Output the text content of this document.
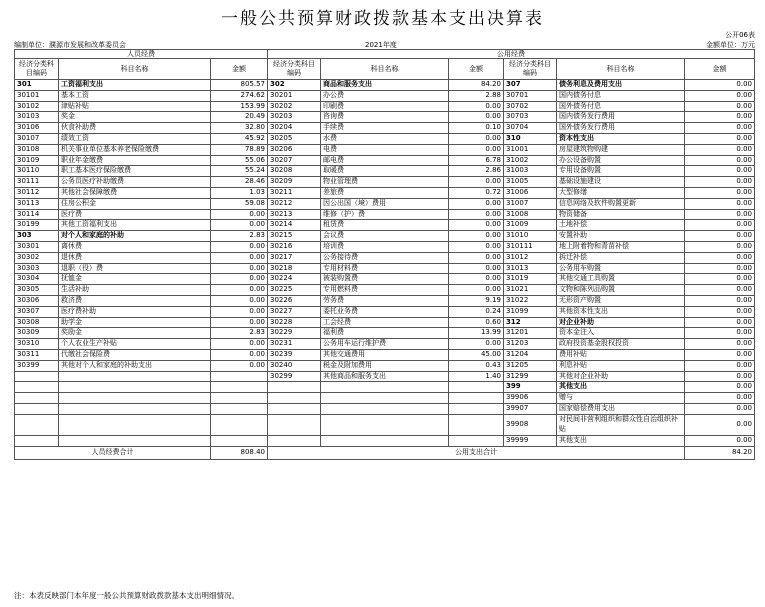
一般公共预算财政拨款基本支出决算表
公开06表
金额单位：万元
编制单位：濮源市发展和改革委员会	2021年度
人员经费			公用经费					
经济分类科目编码	科目名称	金额	经济分类科目编码	科目名称	金额	经济分类科目编码	科目名称	金额
301	工资福利支出	805.57	302	商品和服务支出	84.20	307	债务利息及费用支出	0.00
30101	基本工资	274.62	30201	办公费	2.88	30701	国内债务付息	0.00
30102	津贴补贴	153.99	30202	印刷费	0.00	30702	国外债务付息	0.00
30103	奖金	20.49	30203	咨询费	0.00	30703	国内债务发行费用	0.00
30106	伙食补助费	32.80	30204	手续费	0.10	30704	国外债务发行费用	0.00
30107	绩效工资	45.92	30205	水费	0.00	310	资本性支出	0.00
30108	机关事业单位基本养老保险缴费	78.89	30206	电费	0.00	31001	房屋建筑物购建	0.00
30109	职业年金缴费	55.06	30207	邮电费	6.78	31002	办公设备购置	0.00
30110	职工基本医疗保险缴费	55.24	30208	取暖费	2.86	31003	专用设备购置	0.00
30111	公务员医疗补助缴费	28.46	30209	物业管理费	0.00	31005	基础设施建设	0.00
30112	其他社会保障缴费	1.03	30211	差旅费	0.72	31006	大型修缮	0.00
30113	住房公积金	59.08	30212	因公出国（境）费用	0.00	31007	信息网络及软件购置更新	0.00
30114	医疗费	0.00	30213	维修（护）费	0.00	31008	物资储备	0.00
30199	其他工资福利支出	0.00	30214	租赁费	0.00	31009	土地补偿	0.00
303	对个人和家庭的补助	2.83	30215	会议费	0.00	31010	安置补助	0.00
30301	离休费	0.00	30216	培训费	0.00	310111	地上附着物和青苗补偿	0.00
30302	退休费	0.00	30217	公务接待费	0.00	31012	拆迁补偿	0.00
30303	退职（役）费	0.00	30218	专用材料费	0.00	31013	公务用车购置	0.00
30304	抚恤金	0.00	30224	被装购置费	0.00	31019	其他交通工具购置	0.00
30305	生活补助	0.00	30225	专用燃料费	0.00	31021	文物和陈列品购置	0.00
30306	救济费	0.00	30226	劳务费	9.19	31022	无形资产购置	0.00
30307	医疗费补助	0.00	30227	委托业务费	0.24	31099	其他资本性支出	0.00
30308	助学金	0.00	30228	工会经费	0.60	312	对企业补助	0.00
30309	奖励金	2.83	30229	福利费	13.99	31201	资本金注入	0.00
30310	个人农业生产补贴	0.00	30231	公务用车运行维护费	0.00	31203	政府投资基金股权投资	0.00
30311	代缴社会保险费	0.00	30239	其他交通费用	45.00	31204	费用补贴	0.00
30399	其他对个人和家庭的补助支出	0.00	30240	税金及附加费用	0.43	31205	利息补贴	0.00
			30299	其他商品和服务支出	1.40	31299	其他对企业补助	0.00
						399	其他支出	0.00
						39906	赠与	0.00
						39907	国家赔偿费用支出	0.00
						39908	对民间非营利组织和群众性自治组织补贴	0.00
						39999	其他支出	0.00
人员经费合计		808.40	公用支出合计					84.20
注：本表反映部门本年度一般公共预算财政拨款基本支出明细情况。
